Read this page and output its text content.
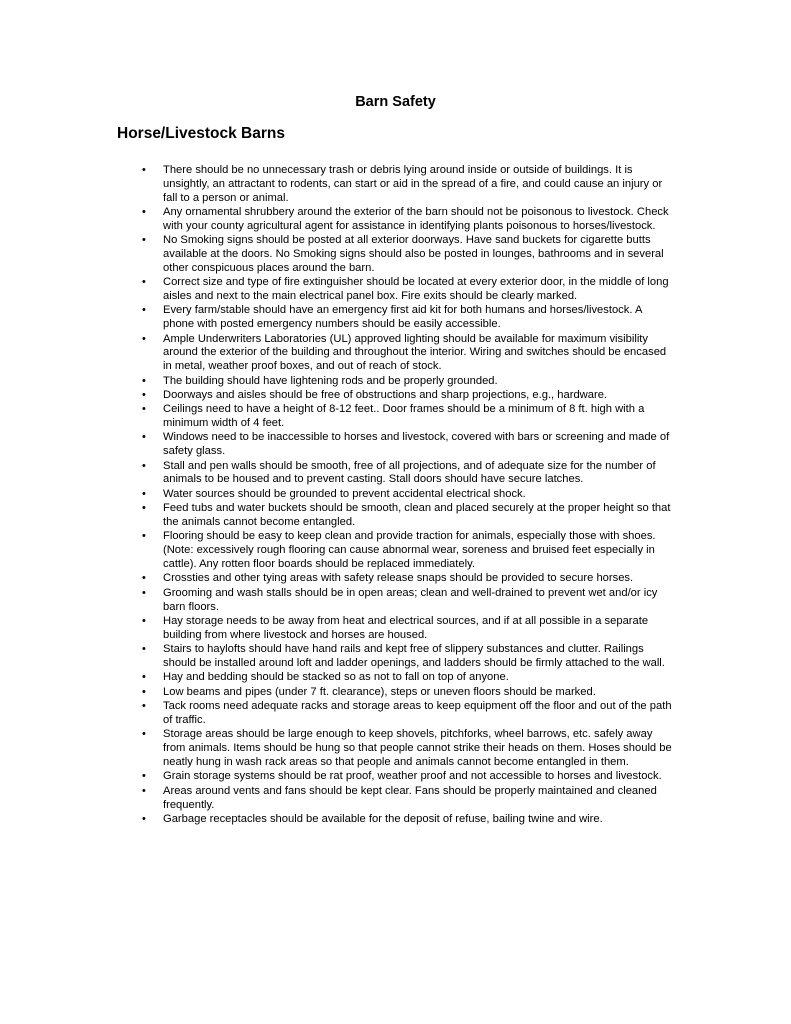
Barn Safety
Horse/Livestock Barns
•	There should be no unnecessary trash or debris lying around inside or outside of buildings. It is unsightly, an attractant to rodents, can start or aid in the spread of a fire, and could cause an injury or fall to a person or animal.
•	Any ornamental shrubbery around the exterior of the barn should not be poisonous to livestock. Check with your county agricultural agent for assistance in identifying plants poisonous to horses/livestock.
•	No Smoking signs should be posted at all exterior doorways. Have sand buckets for cigarette butts available at the doors. No Smoking signs should also be posted in lounges, bathrooms and in several other conspicuous places around the barn.
•	Correct size and type of fire extinguisher should be located at every exterior door, in the middle of long aisles and next to the main electrical panel box. Fire exits should be clearly marked.
•	Every farm/stable should have an emergency first aid kit for both humans and horses/livestock. A phone with posted emergency numbers should be easily accessible.
•	Ample Underwriters Laboratories (UL) approved lighting should be available for maximum visibility around the exterior of the building and throughout the interior. Wiring and switches should be encased in metal, weather proof boxes, and out of reach of stock.
•	The building should have lightening rods and be properly grounded.
•	Doorways and aisles should be free of obstructions and sharp projections, e.g., hardware.
•	Ceilings need to have a height of 8-12 feet.. Door frames should be a minimum of 8 ft. high with a minimum width of 4 feet.
•	Windows need to be inaccessible to horses and livestock, covered with bars or screening and made of safety glass.
•	Stall and pen walls should be smooth, free of all projections, and of adequate size for the number of animals to be housed and to prevent casting. Stall doors should have secure latches.
•	Water sources should be grounded to prevent accidental electrical shock.
•	Feed tubs and water buckets should be smooth, clean and placed securely at the proper height so that the animals cannot become entangled.
•	Flooring should be easy to keep clean and provide traction for animals, especially those with shoes. (Note: excessively rough flooring can cause abnormal wear, soreness and bruised feet especially in cattle). Any rotten floor boards should be replaced immediately.
•	Crossties and other tying areas with safety release snaps should be provided to secure horses.
•	Grooming and wash stalls should be in open areas; clean and well-drained to prevent wet and/or icy barn floors.
•	Hay storage needs to be away from heat and electrical sources, and if at all possible in a separate building from where livestock and horses are housed.
•	Stairs to haylofts should have hand rails and kept free of slippery substances and clutter. Railings should be installed around loft and ladder openings, and ladders should be firmly attached to the wall.
•	Hay and bedding should be stacked so as not to fall on top of anyone.
•	Low beams and pipes (under 7 ft. clearance), steps or uneven floors should be marked.
•	Tack rooms need adequate racks and storage areas to keep equipment off the floor and out of the path of traffic.
•	Storage areas should be large enough to keep shovels, pitchforks, wheel barrows, etc. safely away from animals. Items should be hung so that people cannot strike their heads on them. Hoses should be neatly hung in wash rack areas so that people and animals cannot become entangled in them.
•	Grain storage systems should be rat proof, weather proof and not accessible to horses and livestock.
•	Areas around vents and fans should be kept clear. Fans should be properly maintained and cleaned frequently.
•	Garbage receptacles should be available for the deposit of refuse, bailing twine and wire.
